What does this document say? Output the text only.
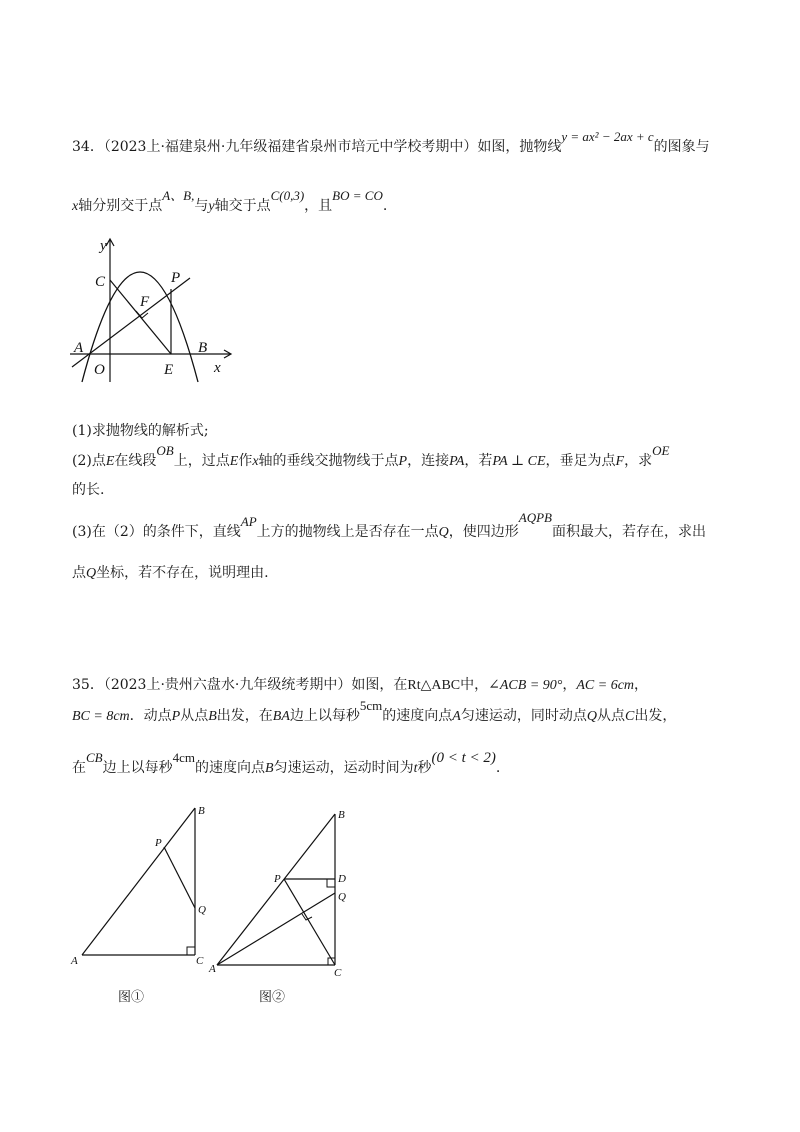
34．（2023上·福建泉州·九年级福建省泉州市培元中学校考期中）如图，抛物线y = ax² − 2ax + c的图象与
x轴分别交于点A、B,与y轴交于点C(0,3)，且BO = CO.
y
x
C	P
F
A
O	E
B
(1)求抛物线的解析式;
(2)点E在线段OB上，过点E作x轴的垂线交抛物线于点P，连接PA，若PA ⊥ CE，垂足为点F，求OE
的长.
(3)在（2）的条件下，直线AP上方的抛物线上是否存在一点Q，使四边形AQPB面积最大，若存在，求出
点Q坐标，若不存在，说明理由.
35．（2023上·贵州六盘水·九年级统考期中）如图，在Rt△ABC中，∠ACB = 90°，AC = 6cm，
BC = 8cm．动点P从点B出发，在BA边上以每秒5cm的速度向点A匀速运动，同时动点Q从点C出发，
在CB边上以每秒4cm的速度向点B匀速运动，运动时间为t秒(0 < t < 2).
B
P
Q
A	C
图①
B
P	D
Q
A	C
图②
